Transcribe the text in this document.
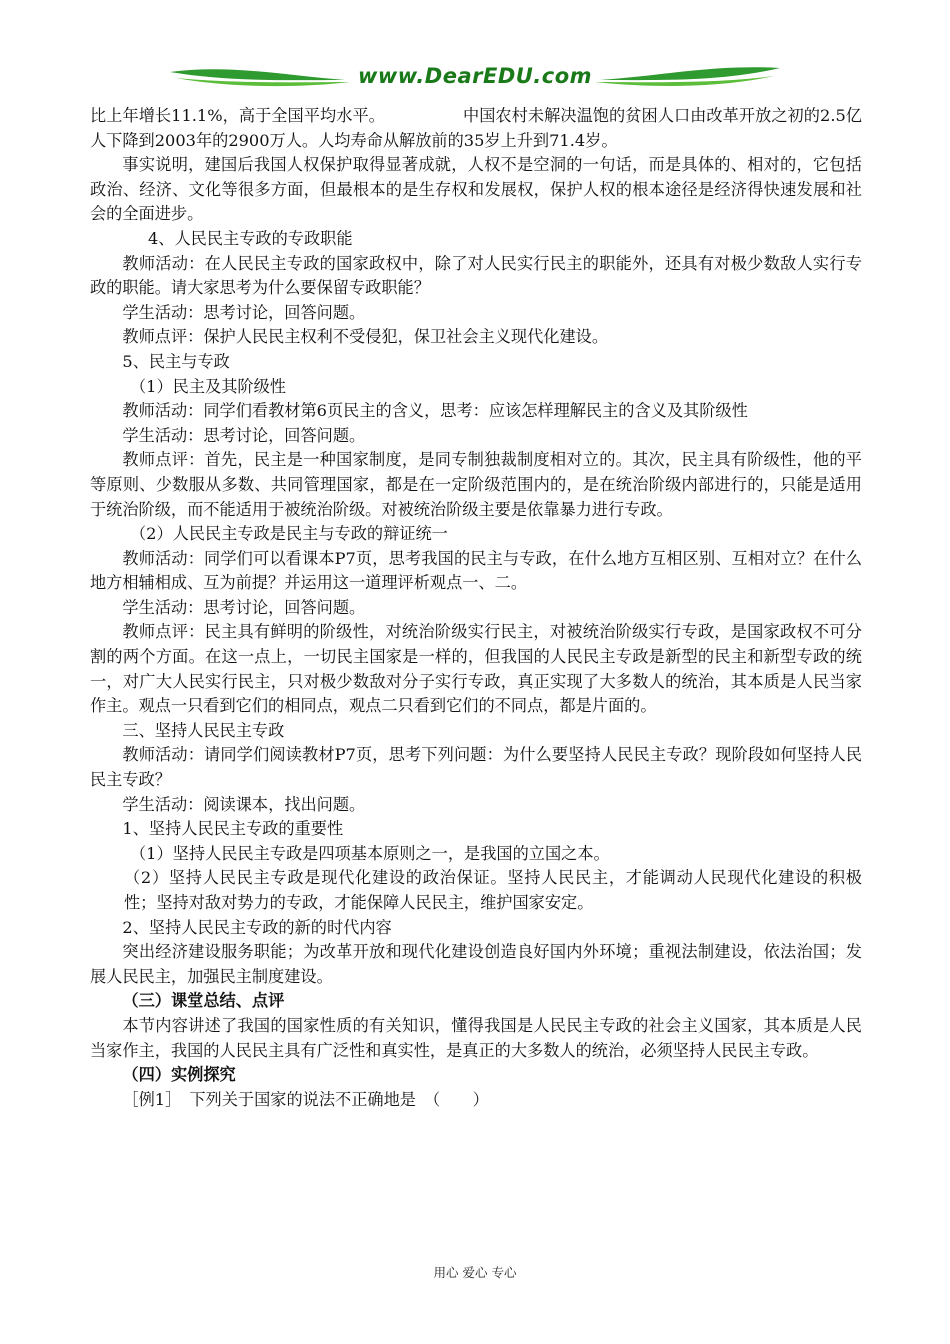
www.DearEDU.com

比上年增长11.1%，高于全国平均水平。	中国农村未解决温饱的贫困人口由改革开放之初的2.5亿人下降到2003年的2900万人。人均寿命从解放前的35岁上升到71.4岁。

事实说明，建国后我国人权保护取得显著成就，人权不是空洞的一句话，而是具体的、相对的，它包括政治、经济、文化等很多方面，但最根本的是生存权和发展权，保护人权的根本途径是经济得快速发展和社会的全面进步。

4、人民民主专政的专政职能

教师活动：在人民民主专政的国家政权中，除了对人民实行民主的职能外，还具有对极少数敌人实行专政的职能。请大家思考为什么要保留专政职能？

学生活动：思考讨论，回答问题。

教师点评：保护人民民主权利不受侵犯，保卫社会主义现代化建设。

5、民主与专政

（1）民主及其阶级性

教师活动：同学们看教材第6页民主的含义，思考：应该怎样理解民主的含义及其阶级性

学生活动：思考讨论，回答问题。

教师点评：首先，民主是一种国家制度，是同专制独裁制度相对立的。其次，民主具有阶级性，他的平等原则、少数服从多数、共同管理国家，都是在一定阶级范围内的，是在统治阶级内部进行的，只能是适用于统治阶级，而不能适用于被统治阶级。对被统治阶级主要是依靠暴力进行专政。

（2）人民民主专政是民主与专政的辩证统一

教师活动：同学们可以看课本P7页，思考我国的民主与专政，在什么地方互相区别、互相对立？在什么地方相辅相成、互为前提？并运用这一道理评析观点一、二。

学生活动：思考讨论，回答问题。

教师点评：民主具有鲜明的阶级性，对统治阶级实行民主，对被统治阶级实行专政，是国家政权不可分割的两个方面。在这一点上，一切民主国家是一样的，但我国的人民民主专政是新型的民主和新型专政的统一，对广大人民实行民主，只对极少数敌对分子实行专政，真正实现了大多数人的统治，其本质是人民当家作主。观点一只看到它们的相同点，观点二只看到它们的不同点，都是片面的。

三、坚持人民民主专政

教师活动：请同学们阅读教材P7页，思考下列问题：为什么要坚持人民民主专政？现阶段如何坚持人民民主专政？

学生活动：阅读课本，找出问题。

1、坚持人民民主专政的重要性

（1）坚持人民民主专政是四项基本原则之一，是我国的立国之本。

（2）坚持人民民主专政是现代化建设的政治保证。坚持人民民主，才能调动人民现代化建设的积极性；坚持对敌对势力的专政，才能保障人民民主，维护国家安定。

2、坚持人民民主专政的新的时代内容

突出经济建设服务职能；为改革开放和现代化建设创造良好国内外环境；重视法制建设，依法治国；发展人民民主，加强民主制度建设。

（三）课堂总结、点评

本节内容讲述了我国的国家性质的有关知识，懂得我国是人民民主专政的社会主义国家，其本质是人民当家作主，我国的人民民主具有广泛性和真实性，是真正的大多数人的统治，必须坚持人民民主专政。

（四）实例探究

［例1］　下列关于国家的说法不正确地是　（　　）

用心 爱心 专心
